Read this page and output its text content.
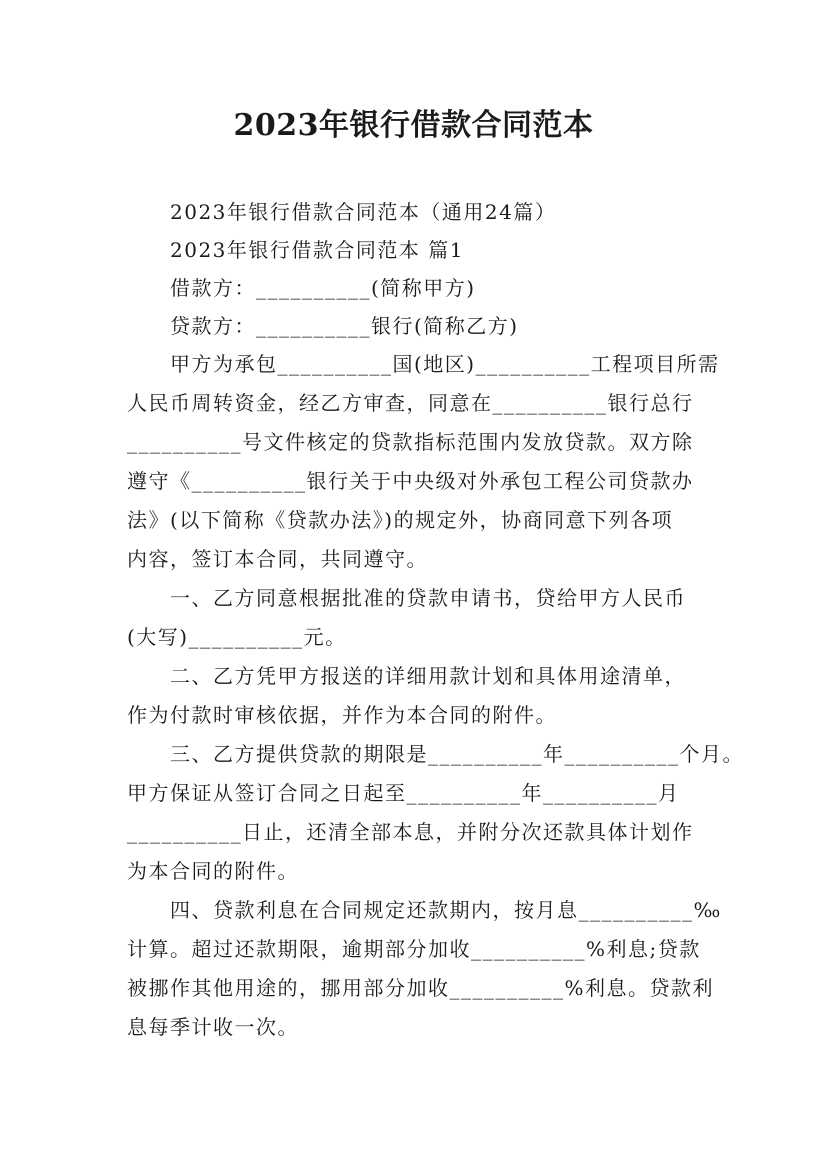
2023年银行借款合同范本
2023年银行借款合同范本（通用24篇）
2023年银行借款合同范本 篇1
借款方：__________(简称甲方)
贷款方：__________银行(简称乙方)
甲方为承包__________国(地区)__________工程项目所需
人民币周转资金，经乙方审查，同意在__________银行总行
__________号文件核定的贷款指标范围内发放贷款。双方除
遵守《__________银行关于中央级对外承包工程公司贷款办
法》(以下简称《贷款办法》)的规定外，协商同意下列各项
内容，签订本合同，共同遵守。
一、乙方同意根据批准的贷款申请书，贷给甲方人民币
(大写)__________元。
二、乙方凭甲方报送的详细用款计划和具体用途清单，
作为付款时审核依据，并作为本合同的附件。
三、乙方提供贷款的期限是__________年__________个月。
甲方保证从签订合同之日起至__________年__________月
__________日止，还清全部本息，并附分次还款具体计划作
为本合同的附件。
四、贷款利息在合同规定还款期内，按月息__________‰
计算。超过还款期限，逾期部分加收__________%利息;贷款
被挪作其他用途的，挪用部分加收__________%利息。贷款利
息每季计收一次。
